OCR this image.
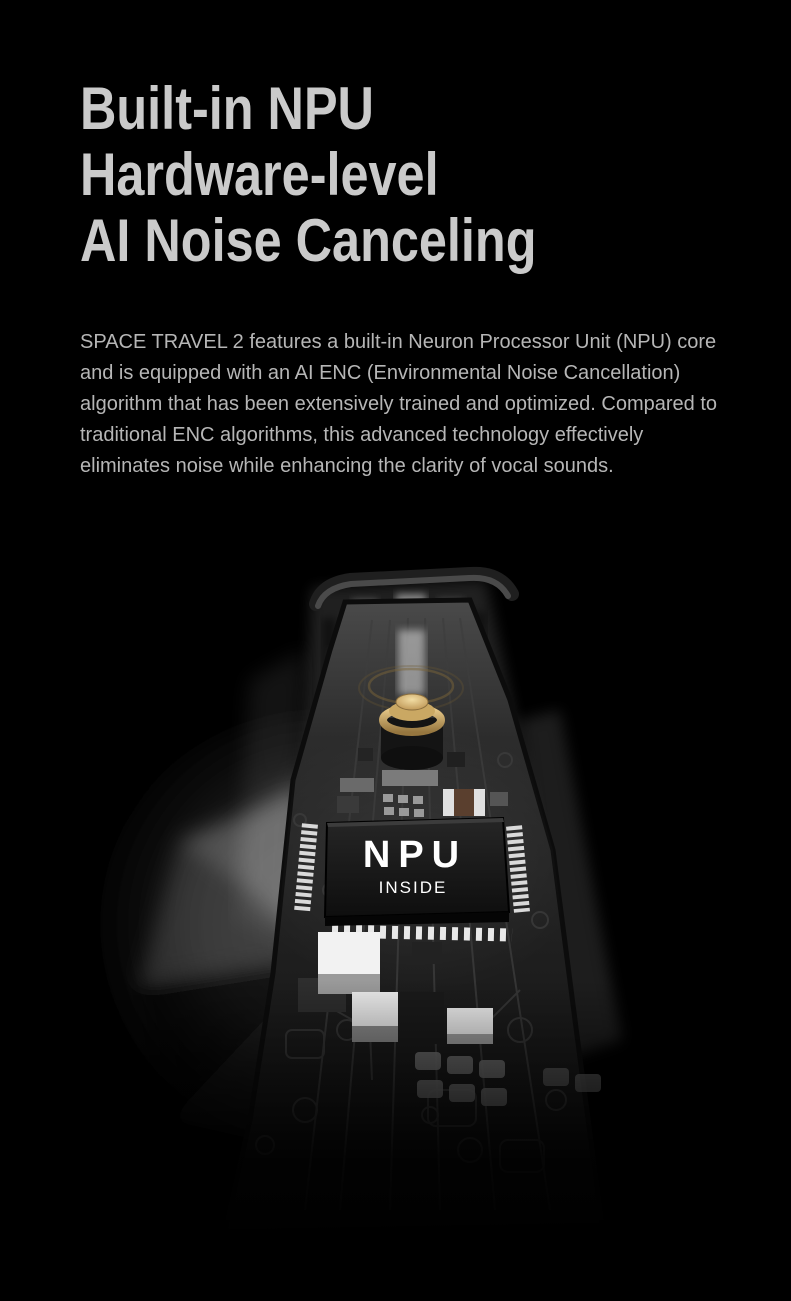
Built-in NPU
Hardware-level
AI Noise Canceling

SPACE TRAVEL 2 features a built-in Neuron Processor Unit (NPU) core and is equipped with an AI ENC (Environmental Noise Cancellation) algorithm that has been extensively trained and optimized. Compared to traditional ENC algorithms, this advanced technology effectively eliminates noise while enhancing the clarity of vocal sounds.

NPU
INSIDE
